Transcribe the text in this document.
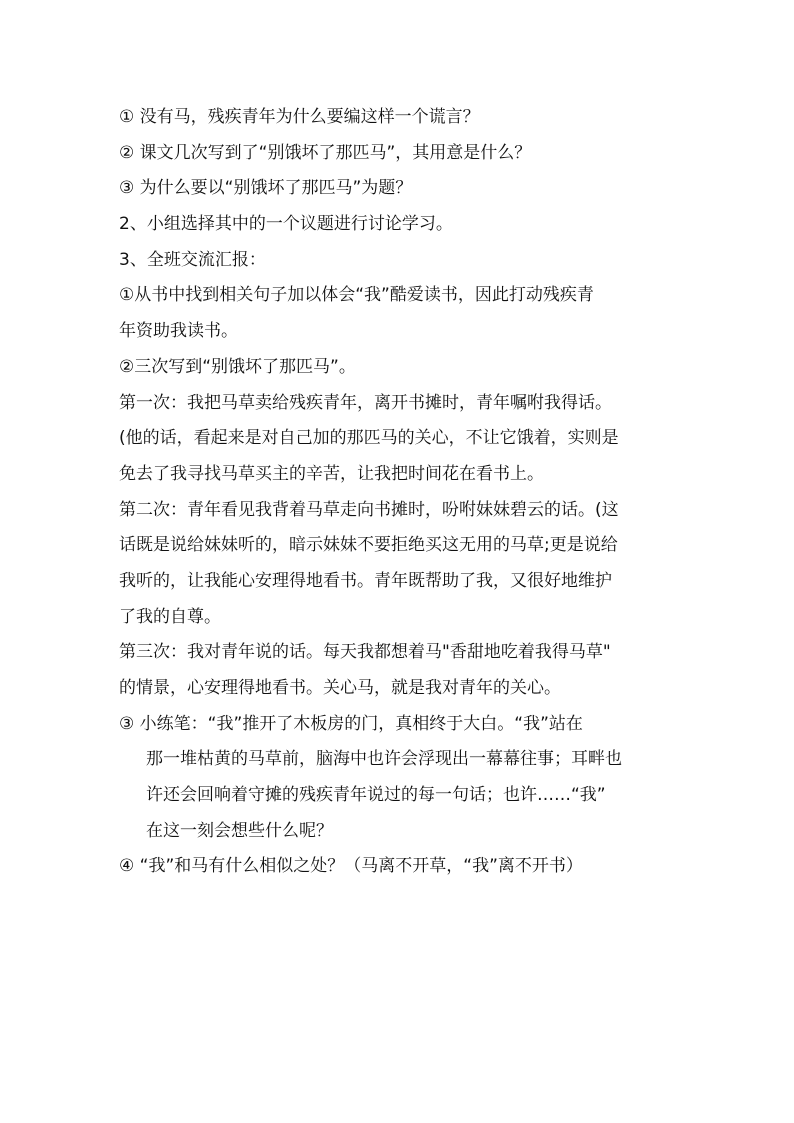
① 没有马，残疾青年为什么要编这样一个谎言？
② 课文几次写到了“别饿坏了那匹马”，其用意是什么？
③ 为什么要以“别饿坏了那匹马”为题？
2、小组选择其中的一个议题进行讨论学习。
3、全班交流汇报：
①从书中找到相关句子加以体会“我”酷爱读书，因此打动残疾青
年资助我读书。
②三次写到“别饿坏了那匹马”。
第一次：我把马草卖给残疾青年，离开书摊时，青年嘱咐我得话。
(他的话，看起来是对自己加的那匹马的关心，不让它饿着，实则是
免去了我寻找马草买主的辛苦，让我把时间花在看书上。
第二次：青年看见我背着马草走向书摊时，吩咐妹妹碧云的话。(这
话既是说给妹妹听的，暗示妹妹不要拒绝买这无用的马草;更是说给
我听的，让我能心安理得地看书。青年既帮助了我，又很好地维护
了我的自尊。
第三次：我对青年说的话。每天我都想着马"香甜地吃着我得马草"
的情景，心安理得地看书。关心马，就是我对青年的关心。
③ 小练笔：“我”推开了木板房的门，真相终于大白。“我”站在
那一堆枯黄的马草前，脑海中也许会浮现出一幕幕往事；耳畔也
许还会回响着守摊的残疾青年说过的每一句话；也许……“我”
在这一刻会想些什么呢？
④ “我”和马有什么相似之处？（马离不开草，“我”离不开书）
